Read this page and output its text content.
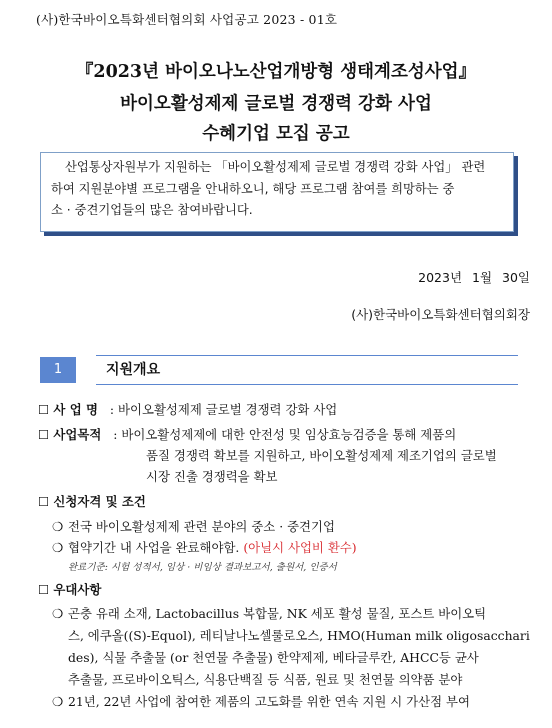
(사)한국바이오특화센터협의회 사업공고 2023 - 01호
『2023년 바이오나노산업개방형 생태계조성사업』
바이오활성제제 글로벌 경쟁력 강화 사업
수혜기업 모집 공고
산업통상자원부가 지원하는 「바이오활성제제 글로벌 경쟁력 강화 사업」 관련
하여 지원분야별 프로그램을 안내하오니, 해당 프로그램 참여를 희망하는 중
소 · 중견기업들의 많은 참여바랍니다.
2023년 1월 30일
(사)한국바이오특화센터협의회장
1	지원개요
☐ 사 업 명 : 바이오활성제제 글로벌 경쟁력 강화 사업
☐ 사업목적 : 바이오활성제제에 대한 안전성 및 임상효능검증을 통해 제품의
품질 경쟁력 확보를 지원하고, 바이오활성제제 제조기업의 글로벌
시장 진출 경쟁력을 확보
☐ 신청자격 및 조건
❍ 전국 바이오활성제제 관련 분야의 중소 · 중견기업
❍ 협약기간 내 사업을 완료해야함. (아닐시 사업비 환수)
완료기준: 시험 성적서, 임상 · 비임상 결과보고서, 출원서, 인증서
☐ 우대사항
❍ 곤충 유래 소재, Lactobacillus 복합물, NK 세포 활성 물질, 포스트 바이오틱
스, 에쿠올((S)-Equol), 레티날나노셀룰로오스, HMO(Human milk oligosacchari
des), 식물 추출물 (or 천연물 추출물) 한약제제, 베타글루칸, AHCC등 균사
추출물, 프로바이오틱스, 식용단백질 등 식품, 원료 및 천연물 의약품 분야
❍ 21년, 22년 사업에 참여한 제품의 고도화를 위한 연속 지원 시 가산점 부여
